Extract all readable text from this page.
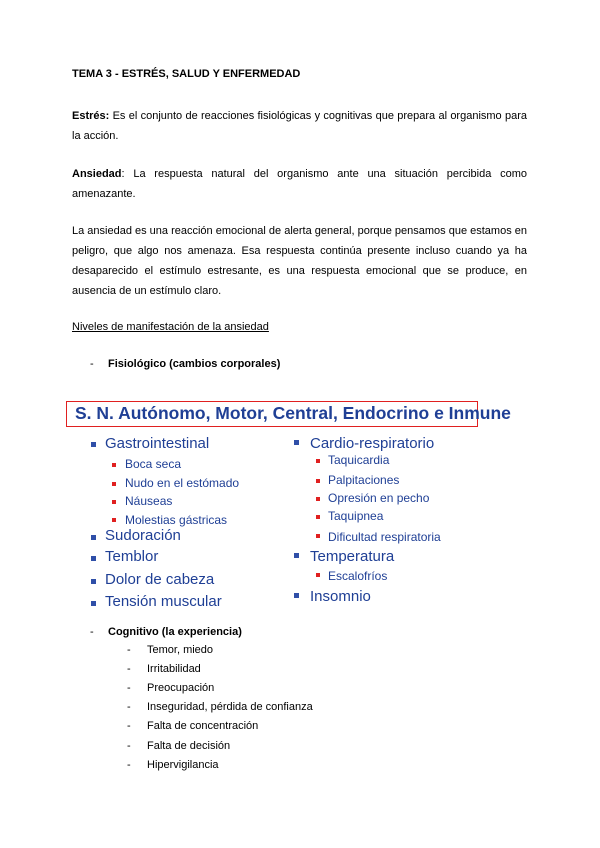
TEMA 3 - ESTRÉS, SALUD Y ENFERMEDAD
Estrés: Es el conjunto de reacciones fisiológicas y cognitivas que prepara al organismo para la acción.
Ansiedad: La respuesta natural del organismo ante una situación percibida como amenazante.
La ansiedad es una reacción emocional de alerta general, porque pensamos que estamos en peligro, que algo nos amenaza. Esa respuesta continúa presente incluso cuando ya ha desaparecido el estímulo estresante, es una respuesta emocional que se produce, en ausencia de un estímulo claro.
Niveles de manifestación de la ansiedad
- Fisiológico (cambios corporales)
S. N. Autónomo, Motor, Central, Endocrino e Inmune
Gastrointestinal
Boca seca
Nudo en el estómado
Náuseas
Molestias gástricas
Sudoración
Temblor
Dolor de cabeza
Tensión muscular
Cardio-respiratorio
Taquicardia
Palpitaciones
Opresión en pecho
Taquipnea
Dificultad respiratoria
Temperatura
Escalofríos
Insomnio
- Cognitivo (la experiencia)
- Temor, miedo
- Irritabilidad
- Preocupación
- Inseguridad, pérdida de confianza
- Falta de concentración
- Falta de decisión
- Hipervigilancia
